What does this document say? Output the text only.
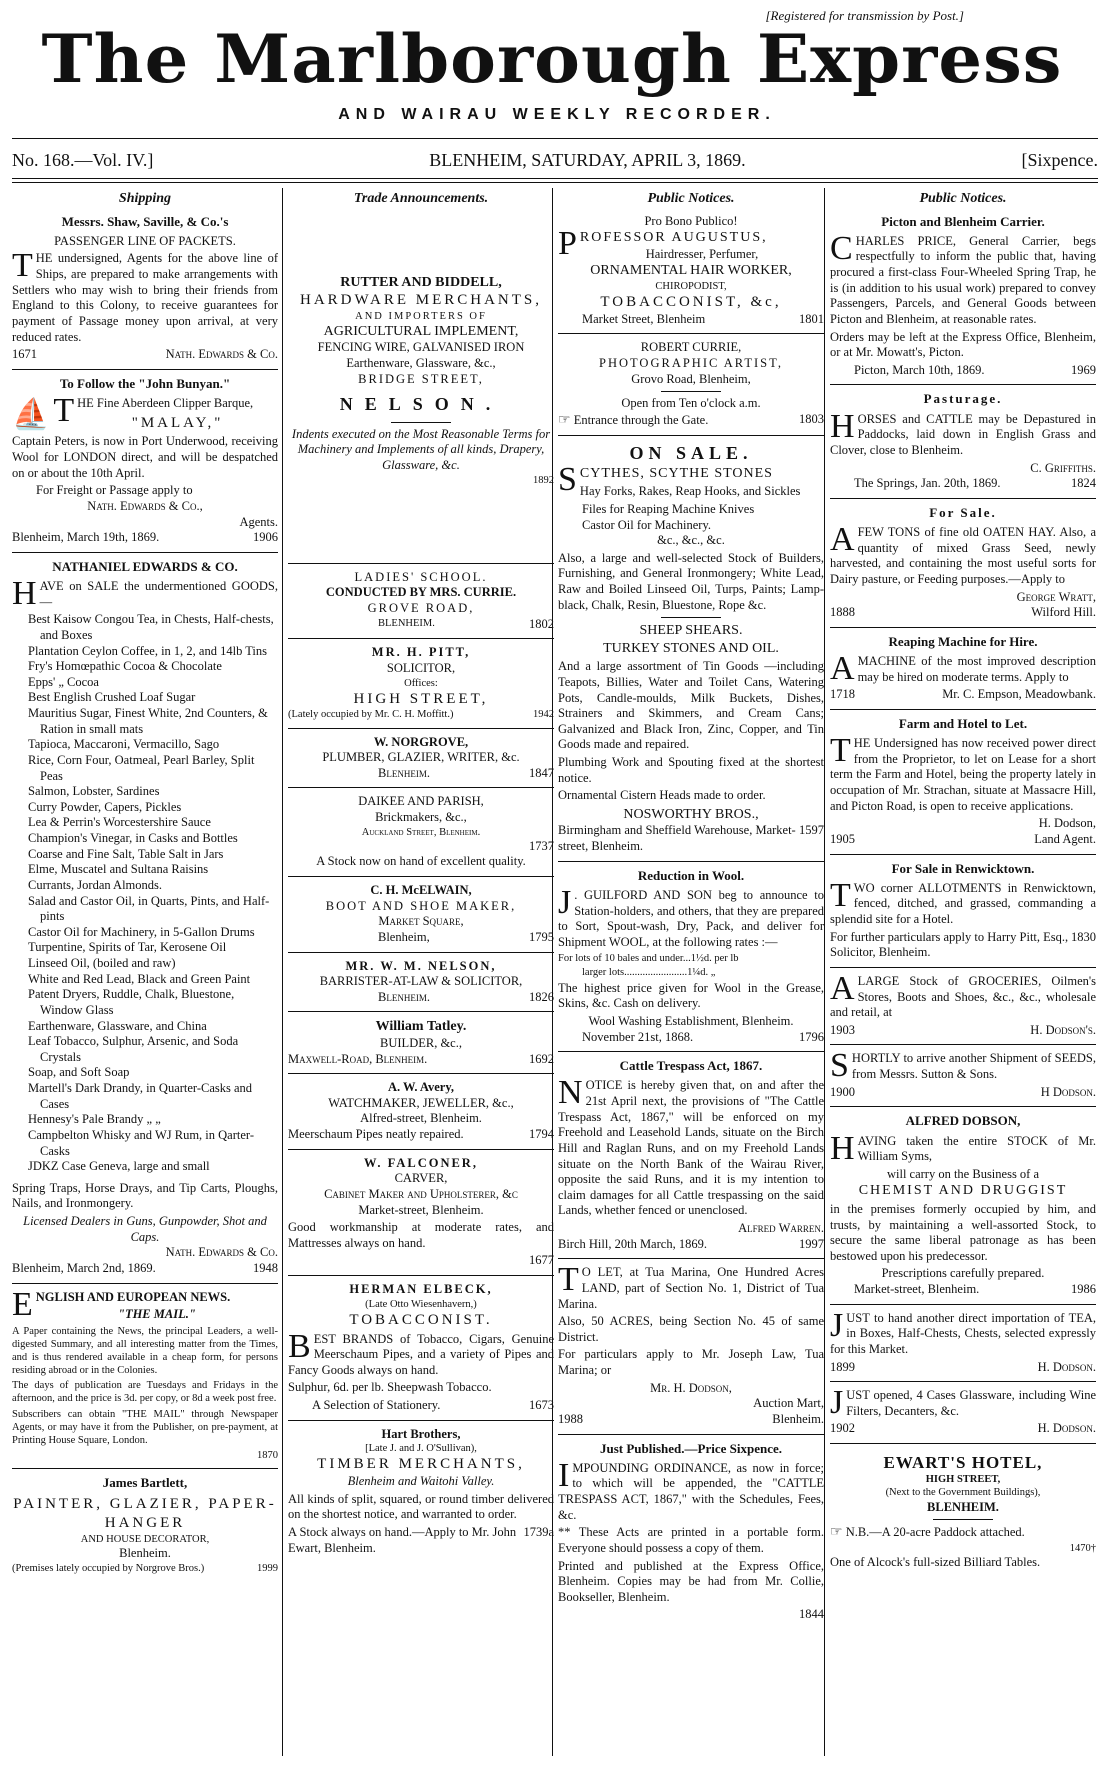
[Registered for transmission by Post.]
The Marlborough Express
AND WAIRAU WEEKLY RECORDER.
No. 168.—Vol. IV.]	BLENHEIM, SATURDAY, APRIL 3, 1869.	[Sixpence.
Shipping
Messrs. Shaw, Saville, & Co.'s
PASSENGER LINE OF PACKETS.
THE undersigned, Agents for the above line of Ships, are prepared to make arrangements with Settlers who may wish to bring their friends from England to this Colony, to receive guarantees for payment of Passage money upon arrival, at very reduced rates.
1671	Nath. Edwards & Co.
To Follow the "John Bunyan."
⛵ T HE Fine Aberdeen Clipper Barque,
"MALAY,"
Captain Peters, is now in Port Underwood, receiving Wool for LONDON direct, and will be despatched on or about the 10th April.
For Freight or Passage apply to
Nath. Edwards & Co.,
Agents.
Blenheim, March 19th, 1869.	1906
NATHANIEL EDWARDS & CO.
HAVE on SALE the undermentioned GOODS,—
Best Kaisow Congou Tea, in Chests, Half-chests, and Boxes
Plantation Ceylon Coffee, in 1, 2, and 14lb Tins
Fry's Homœpathic Cocoa & Chocolate
Epps' „ Cocoa
Best English Crushed Loaf Sugar
Mauritius Sugar, Finest White, 2nd Counters, & Ration in small mats
Tapioca, Maccaroni, Vermacillo, Sago
Rice, Corn Four, Oatmeal, Pearl Barley, Split Peas
Salmon, Lobster, Sardines
Curry Powder, Capers, Pickles
Lea & Perrin's Worcestershire Sauce
Champion's Vinegar, in Casks and Bottles
Coarse and Fine Salt, Table Salt in Jars
Elme, Muscatel and Sultana Raisins
Currants, Jordan Almonds.
Salad and Castor Oil, in Quarts, Pints, and Half-pints
Castor Oil for Machinery, in 5-Gallon Drums
Turpentine, Spirits of Tar, Kerosene Oil
Linseed Oil, (boiled and raw)
White and Red Lead, Black and Green Paint
Patent Dryers, Ruddle, Chalk, Bluestone, Window Glass
Earthenware, Glassware, and China
Leaf Tobacco, Sulphur, Arsenic, and Soda Crystals
Soap, and Soft Soap
Martell's Dark Drandy, in Quarter-Casks and Cases
Hennesy's Pale Brandy „ „
Campbelton Whisky and WJ Rum, in Qarter-Casks
JDKZ Case Geneva, large and small
Spring Traps, Horse Drays, and Tip Carts, Ploughs, Nails, and Ironmongery.
Licensed Dealers in Guns, Gunpowder, Shot and Caps.
Nath. Edwards & Co.
Blenheim, March 2nd, 1869.	1948
ENGLISH AND EUROPEAN NEWS.
"THE MAIL."
A Paper containing the News, the principal Leaders, a well-digested Summary, and all interesting matter from the Times, and is thus rendered available in a cheap form, for persons residing abroad or in the Colonies.
The days of publication are Tuesdays and Fridays in the afternoon, and the price is 3d. per copy, or 8d a week post free.
Subscribers can obtain "THE MAIL" through Newspaper Agents, or may have it from the Publisher, on pre-payment, at Printing House Square, London.
1870
James Bartlett,
PAINTER, GLAZIER, PAPER-HANGER
AND HOUSE DECORATOR,
Blenheim.
(Premises lately occupied by Norgrove Bros.)	1999
Trade Announcements.
RUTTER AND BIDDELL,
HARDWARE MERCHANTS,
AND IMPORTERS OF
AGRICULTURAL IMPLEMENT,
FENCING WIRE, GALVANISED IRON
Earthenware, Glassware, &c.,
BRIDGE STREET,
NELSON.
Indents executed on the Most Reasonable Terms for Machinery and Implements of all kinds, Drapery, Glassware, &c.
1892
LADIES' SCHOOL.
CONDUCTED BY MRS. CURRIE.
GROVE ROAD,
BLENHEIM.	1802
MR. H. PITT,
SOLICITOR,
Offices:
HIGH STREET,
(Lately occupied by Mr. C. H. Moffitt.)	1942
W. NORGROVE,
PLUMBER, GLAZIER, WRITER, &c.
Blenheim.	1847
DAIKEE AND PARISH,
Brickmakers, &c.,
Auckland Street, Blenheim.
1737
A Stock now on hand of excellent quality.
C. H. McELWAIN,
BOOT AND SHOE MAKER,
Market Square,
Blenheim,	1795
MR. W. M. NELSON,
BARRISTER-AT-LAW & SOLICITOR,
Blenheim.	1826
William Tatley.
BUILDER, &c.,
Maxwell-Road, Blenheim.	1692
A. W. Avery,
WATCHMAKER, JEWELLER, &c.,
Alfred-street, Blenheim.
Meerschaum Pipes neatly repaired.	1794
W. FALCONER,
CARVER,
Cabinet Maker and Upholsterer, &c
Market-street, Blenheim.
Good workmanship at moderate rates, and Mattresses always on hand.
1677
HERMAN ELBECK,
(Late Otto Wiesenhavern,)
TOBACCONIST.
BEST BRANDS of Tobacco, Cigars, Genuine Meerschaum Pipes, and a variety of Pipes and Fancy Goods always on hand.
Sulphur, 6d. per lb. Sheepwash Tobacco.
A Selection of Stationery.	1673
Hart Brothers,
[Late J. and J. O'Sullivan),
TIMBER MERCHANTS,
Blenheim and Waitohi Valley.
All kinds of split, squared, or round timber delivered on the shortest notice, and warranted to order.
A Stock always on hand.—Apply to Mr. John Ewart, Blenheim.
1739a
Public Notices.
Pro Bono Publico!
PROFESSOR AUGUSTUS,
Hairdresser, Perfumer,
ORNAMENTAL HAIR WORKER,
CHIROPODIST,
TOBACCONIST, &c,
Market Street, Blenheim	1801
ROBERT CURRIE,
PHOTOGRAPHIC ARTIST,
Grovo Road, Blenheim,
Open from Ten o'clock a.m.
☞ Entrance through the Gate.	1803
ON SALE.
SCYTHES, SCYTHE STONES
Hay Forks, Rakes, Reap Hooks, and Sickles
Files for Reaping Machine Knives
Castor Oil for Machinery.
&c., &c., &c.
Also, a large and well-selected Stock of Builders, Furnishing, and General Ironmongery; White Lead, Raw and Boiled Linseed Oil, Turps, Paints; Lamp-black, Chalk, Resin, Bluestone, Rope &c.
SHEEP SHEARS.
TURKEY STONES AND OIL.
And a large assortment of Tin Goods —including Teapots, Billies, Water and Toilet Cans, Watering Pots, Candle-moulds, Milk Buckets, Dishes, Strainers and Skimmers, and Cream Cans; Galvanized and Black Iron, Zinc, Copper, and Tin Goods made and repaired.
Plumbing Work and Spouting fixed at the shortest notice.
Ornamental Cistern Heads made to order.
NOSWORTHY BROS.,
Birmingham and Sheffield Warehouse, Market-street, Blenheim.
1597
Reduction in Wool.
J . GUILFORD AND SON beg to announce to Station-holders, and others, that they are prepared to Sort, Spout-wash, Dry, Pack, and deliver for Shipment WOOL, at the following rates :—
For lots of 10 bales and under...1½d. per lb
larger lots........................1¼d. „
The highest price given for Wool in the Grease, Skins, &c. Cash on delivery.
Wool Washing Establishment, Blenheim.
November 21st, 1868.	1796
Cattle Trespass Act, 1867.
NOTICE is hereby given that, on and after the 21st April next, the provisions of "The Cattle Trespass Act, 1867," will be enforced on my Freehold and Leasehold Lands, situate on the Birch Hill and Raglan Runs, and on my Freehold Lands situate on the North Bank of the Wairau River, opposite the said Runs, and it is my intention to claim damages for all Cattle trespassing on the said Lands, whether fenced or unenclosed.
Alfred Warren.
Birch Hill, 20th March, 1869.	1997
T O LET, at Tua Marina, One Hundred Acres LAND, part of Section No. 1, District of Tua Marina.
Also, 50 ACRES, being Section No. 45 of same District.
For particulars apply to Mr. Joseph Law, Tua Marina; or
Mr. H. Dodson,
Auction Mart,
1988	Blenheim.
Just Published.—Price Sixpence.
IMPOUNDING ORDINANCE, as now in force; to which will be appended, the "CATTLE TRESPASS ACT, 1867," with the Schedules, Fees, &c.
** These Acts are printed in a portable form. Everyone should possess a copy of them.
Printed and published at the Express Office, Blenheim. Copies may be had from Mr. Collie, Bookseller, Blenheim.
1844
Public Notices.
Picton and Blenheim Carrier.
CHARLES PRICE, General Carrier, begs respectfully to inform the public that, having procured a first-class Four-Wheeled Spring Trap, he is (in addition to his usual work) prepared to convey Passengers, Parcels, and General Goods between Picton and Blenheim, at reasonable rates.
Orders may be left at the Express Office, Blenheim, or at Mr. Mowatt's, Picton.
Picton, March 10th, 1869.	1969
Pasturage.
HORSES and CATTLE may be Depastured in Paddocks, laid down in English Grass and Clover, close to Blenheim.
C. Griffiths.
The Springs, Jan. 20th, 1869.	1824
For Sale.
A FEW TONS of fine old OATEN HAY. Also, a quantity of mixed Grass Seed, newly harvested, and containing the most useful sorts for Dairy pasture, or Feeding purposes.—Apply to
George Wratt,
1888	Wilford Hill.
Reaping Machine for Hire.
A MACHINE of the most improved description may be hired on moderate terms. Apply to
1718	Mr. C. Empson, Meadowbank.
Farm and Hotel to Let.
THE Undersigned has now received power direct from the Proprietor, to let on Lease for a short term the Farm and Hotel, being the property lately in occupation of Mr. Strachan, situate at Massacre Hill, and Picton Road, is open to receive applications.
H. Dodson,
1905	Land Agent.
For Sale in Renwicktown.
TWO corner ALLOTMENTS in Renwicktown, fenced, ditched, and grassed, commanding a splendid site for a Hotel.
For further particulars apply to Harry Pitt, Esq., Solicitor, Blenheim.
1830
A LARGE Stock of GROCERIES, Oilmen's Stores, Boots and Shoes, &c., &c., wholesale and retail, at
1903	H. Dodson's.
SHORTLY to arrive another Shipment of SEEDS, from Messrs. Sutton & Sons.
1900	H Dodson.
ALFRED DOBSON,
HAVING taken the entire STOCK of Mr. William Syms,
will carry on the Business of a
CHEMIST AND DRUGGIST
in the premises formerly occupied by him, and trusts, by maintaining a well-assorted Stock, to secure the same liberal patronage as has been bestowed upon his predecessor.
Prescriptions carefully prepared.
Market-street, Blenheim.	1986
JUST to hand another direct importation of TEA, in Boxes, Half-Chests, Chests, selected expressly for this Market.
1899	H. Dodson.
JUST opened, 4 Cases Glassware, including Wine Filters, Decanters, &c.
1902	H. Dodson.
EWART'S HOTEL,
HIGH STREET,
(Next to the Government Buildings),
BLENHEIM.
☞ N.B.—A 20-acre Paddock attached.
1470†
One of Alcock's full-sized Billiard Tables.
